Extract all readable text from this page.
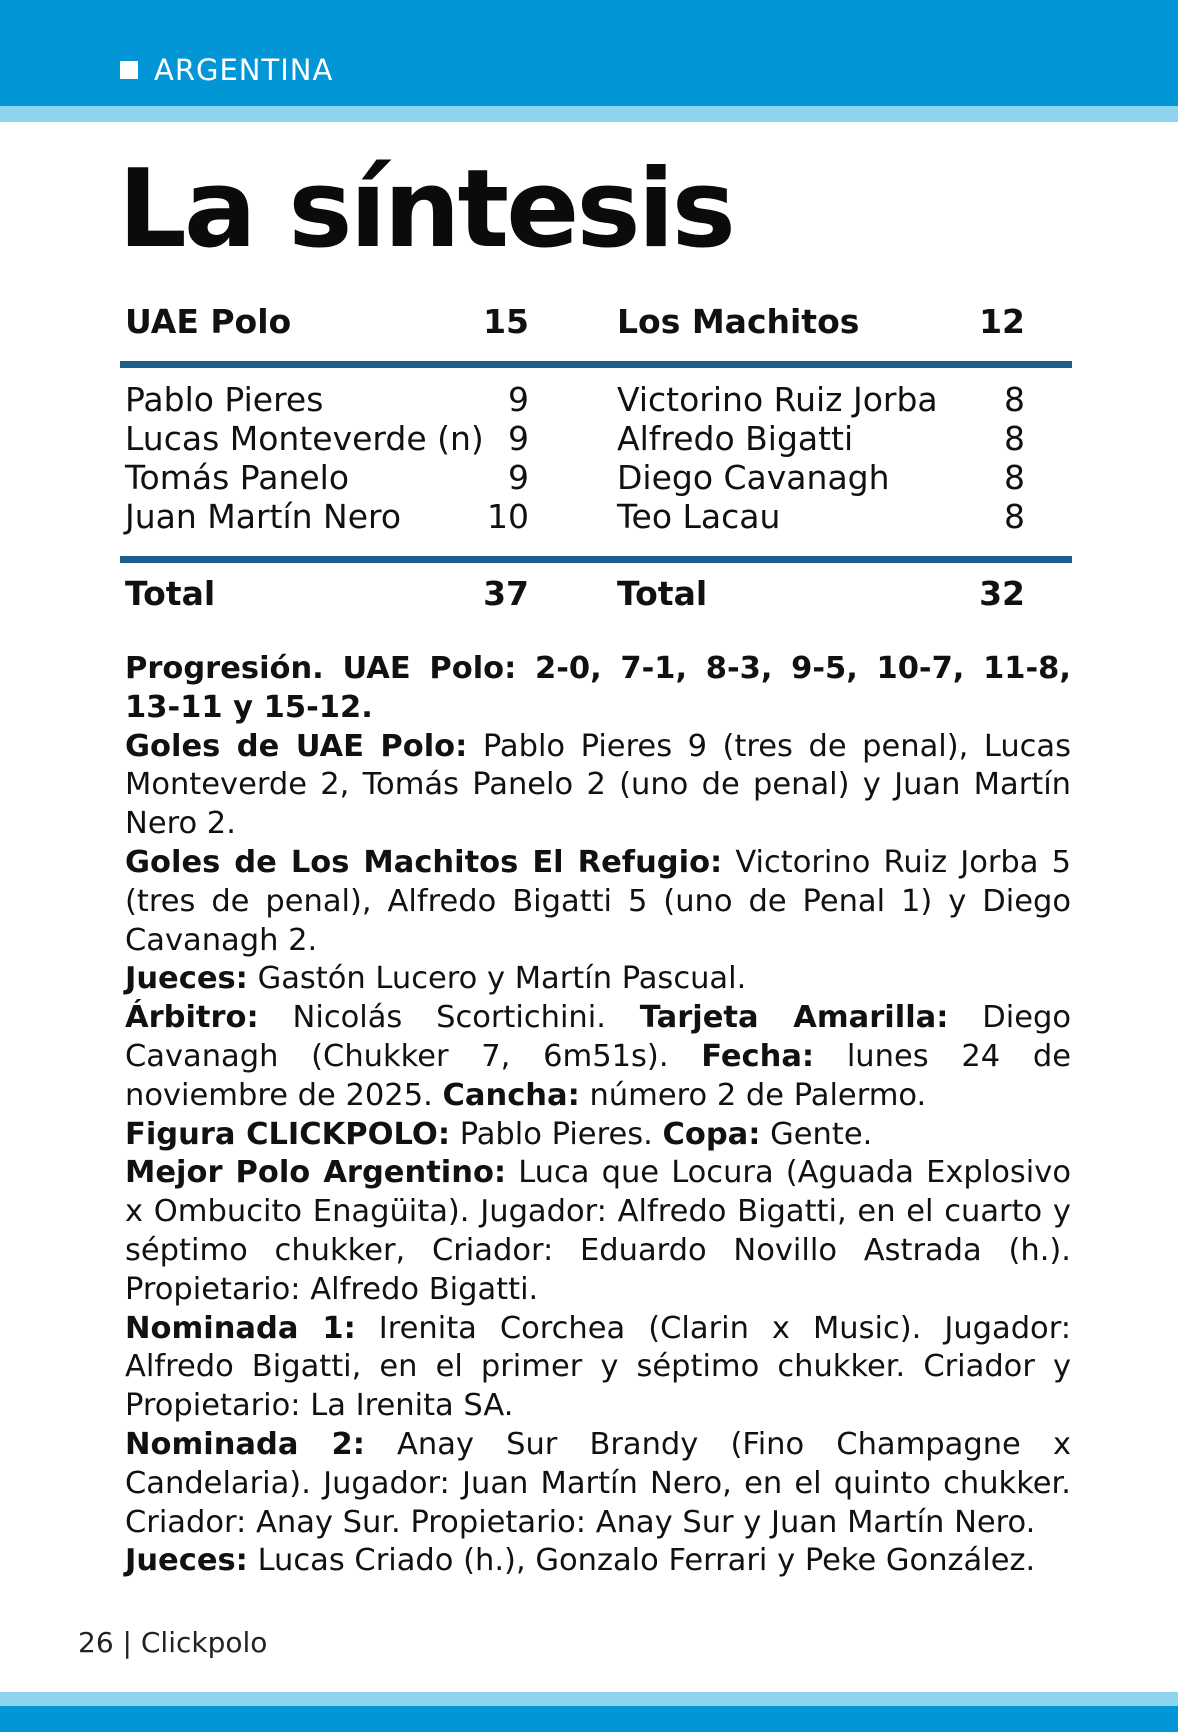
ARGENTINA
La síntesis
UAE Polo	15	Los Machitos	12
Pablo Pieres	9	Victorino Ruiz Jorba 8
Lucas Monteverde (n) 9	Alfredo Bigatti	8
Tomás Panelo	9	Diego Cavanagh	8
Juan Martín Nero	10	Teo Lacau	8
Total	37	Total	32

Progresión. UAE Polo: 2-0, 7-1, 8-3, 9-5, 10-7, 11-8, 13-11 y 15-12.

Goles de UAE Polo: Pablo Pieres 9 (tres de penal), Lucas Monteverde 2, Tomás Panelo 2 (uno de penal) y Juan Martín Nero 2.

Goles de Los Machitos El Refugio: Victorino Ruiz Jorba 5 (tres de penal), Alfredo Bigatti 5 (uno de Penal 1) y Diego Cavanagh 2.

Jueces: Gastón Lucero y Martín Pascual.

Árbitro: Nicolás Scortichini. Tarjeta Amarilla: Diego Cavanagh (Chukker 7, 6m51s). Fecha: lunes 24 de noviembre de 2025. Cancha: número 2 de Palermo.

Figura CLICKPOLO: Pablo Pieres. Copa: Gente.

Mejor Polo Argentino: Luca que Locura (Aguada Explosivo x Ombucito Enagüita). Jugador: Alfredo Bigatti, en el cuarto y séptimo chukker, Criador: Eduardo Novillo Astrada (h.). Propietario: Alfredo Bigatti.

Nominada 1: Irenita Corchea (Clarin x Music). Jugador: Alfredo Bigatti, en el primer y séptimo chukker. Criador y Propietario: La Irenita SA.

Nominada 2: Anay Sur Brandy (Fino Champagne x Candelaria). Jugador: Juan Martín Nero, en el quinto chukker. Criador: Anay Sur. Propietario: Anay Sur y Juan Martín Nero.

Jueces: Lucas Criado (h.), Gonzalo Ferrari y Peke González.

26 | Clickpolo
